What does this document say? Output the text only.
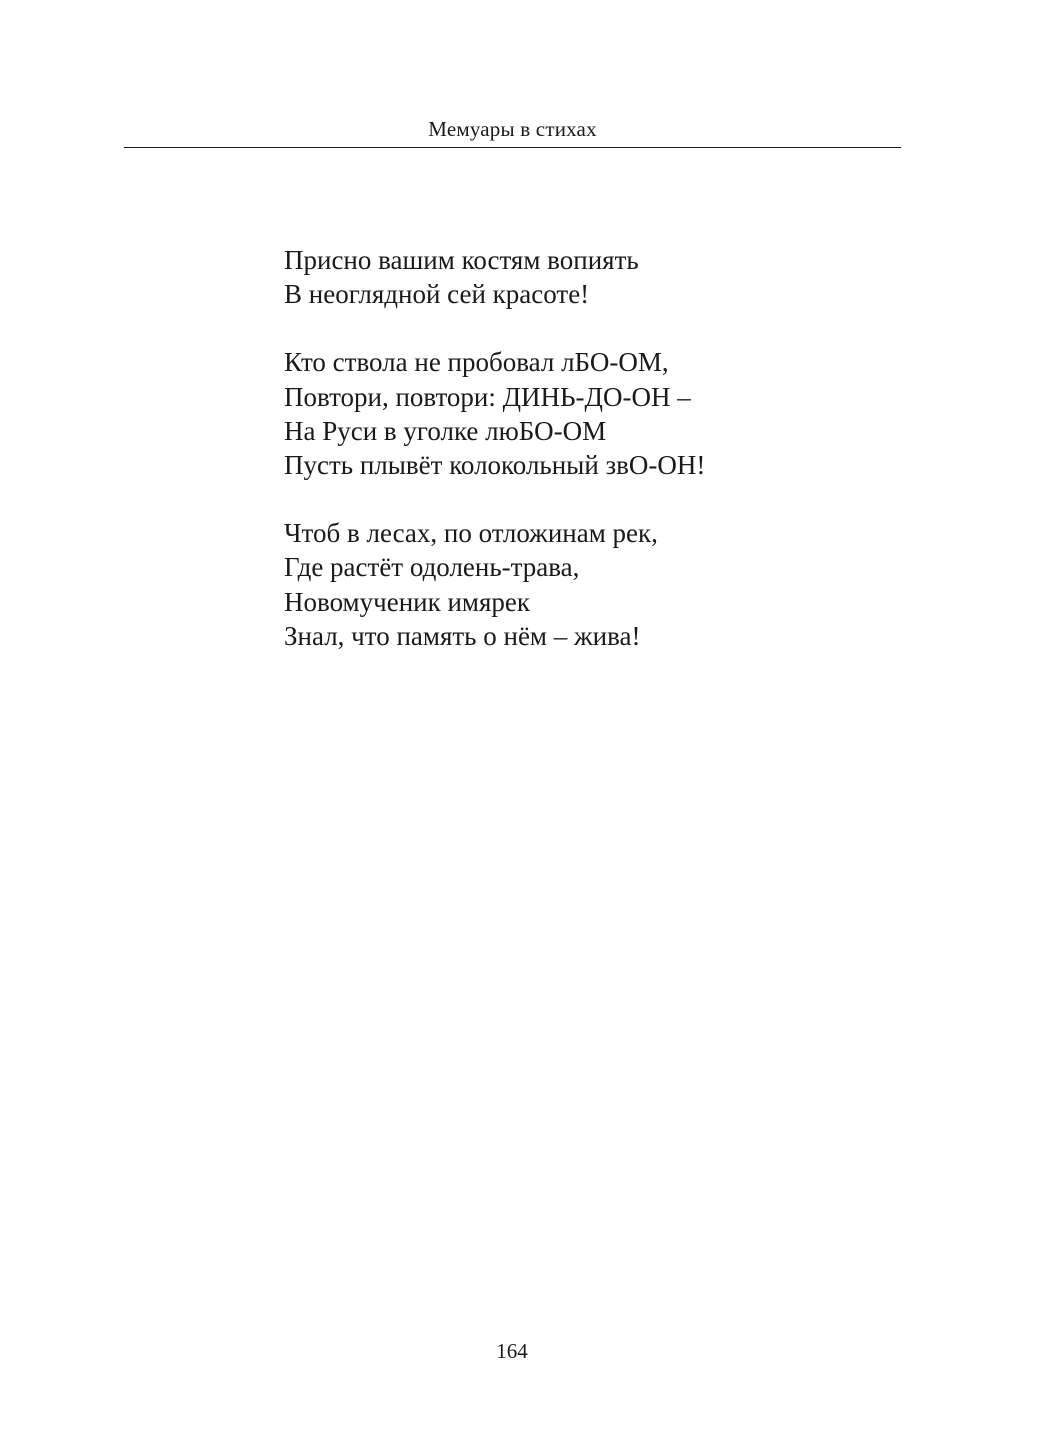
Мемуары в стихах
Присно вашим костям вопиять
В неоглядной сей красоте!
Кто ствола не пробовал лБО-ОМ,
Повтори, повтори: ДИНЬ-ДО-ОН –
На Руси в уголке люБО-ОМ
Пусть плывёт колокольный звО-ОН!
Чтоб в лесах, по отложинам рек,
Где растёт одолень-трава,
Новомученик имярек
Знал, что память о нём – жива!
164
